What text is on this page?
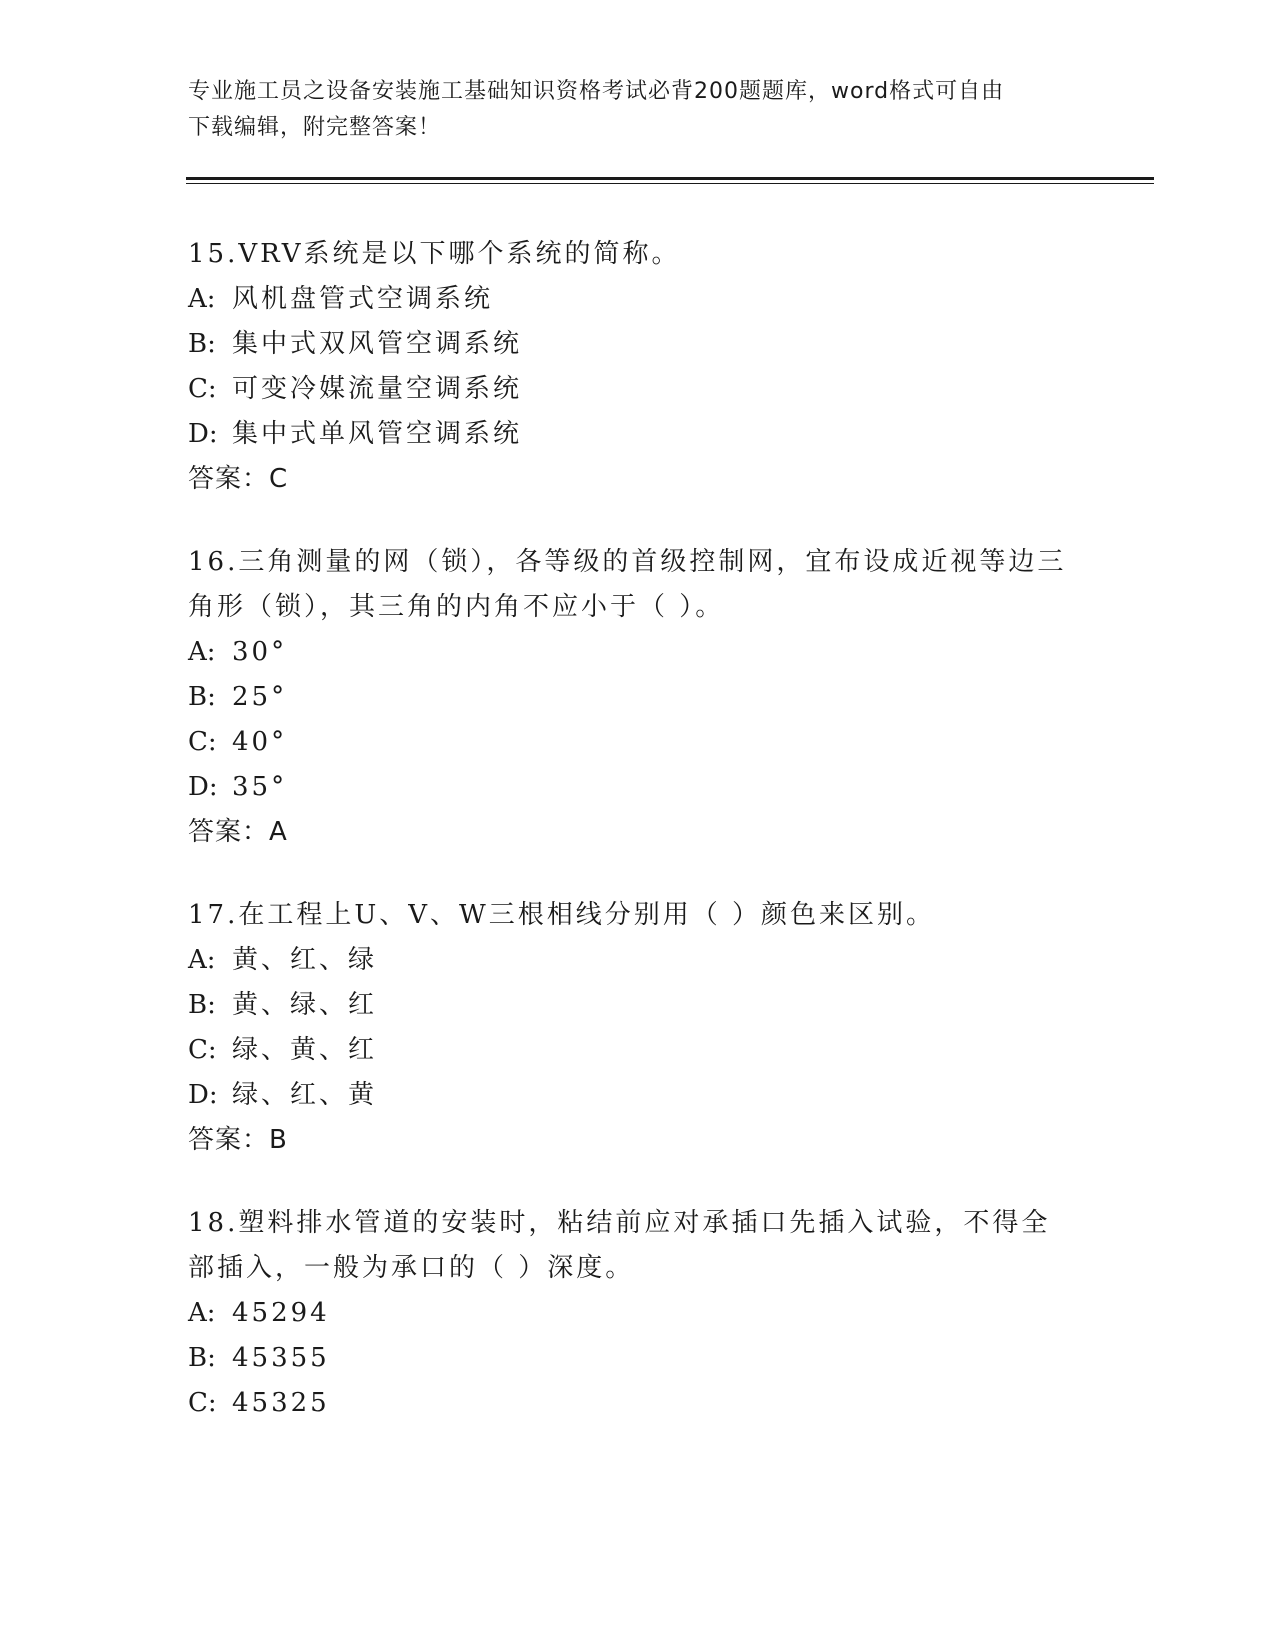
专业施工员之设备安装施工基础知识资格考试必背200题题库，word格式可自由
下载编辑，附完整答案！
15.VRV系统是以下哪个系统的简称。
A: 风机盘管式空调系统
B: 集中式双风管空调系统
C: 可变冷媒流量空调系统
D: 集中式单风管空调系统
答案：C
16.三角测量的网（锁），各等级的首级控制网，宜布设成近视等边三角形（锁），其三角的内角不应小于（ ）。
A: 30°
B: 25°
C: 40°
D: 35°
答案：A
17.在工程上U、V、W三根相线分别用（ ）颜色来区别。
A: 黄、红、绿
B: 黄、绿、红
C: 绿、黄、红
D: 绿、红、黄
答案：B
18.塑料排水管道的安装时，粘结前应对承插口先插入试验，不得全部插入，一般为承口的（ ）深度。
A: 45294
B: 45355
C: 45325
